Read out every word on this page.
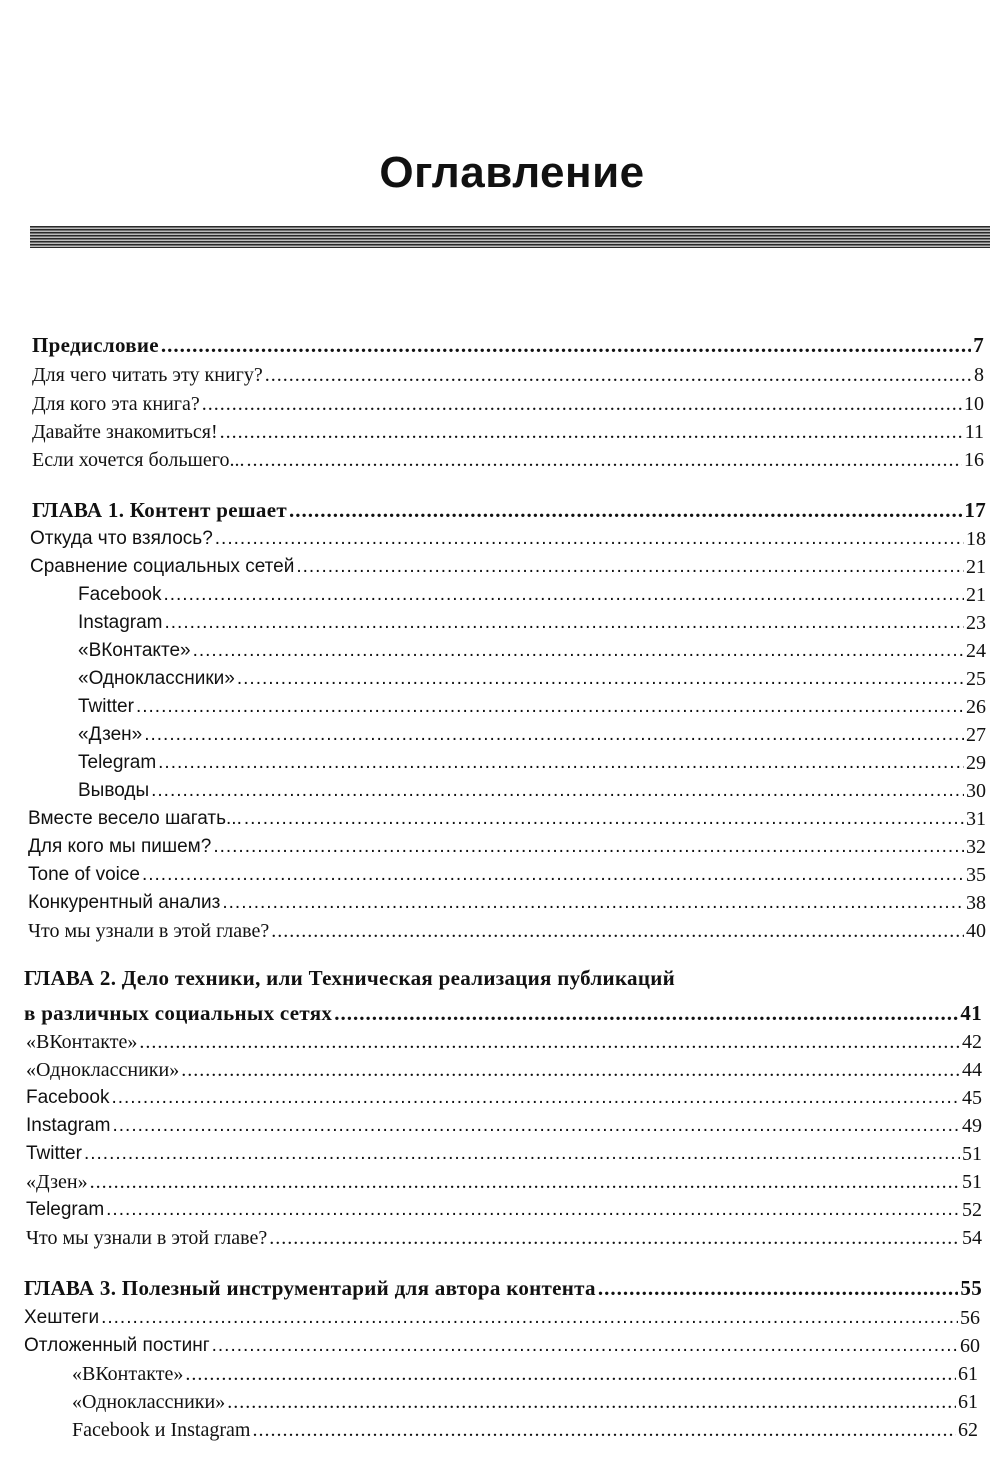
Оглавление
Предисловие .....	7
Для чего читать эту книгу? .....	8
Для кого эта книга? .....	10
Давайте знакомиться! .....	11
Если хочется большего... .....	16
ГЛАВА 1. Контент решает .....	17
Откуда что взялось? .....	18
Сравнение социальных сетей .....	21
Facebook .....	21
Instagram .....	23
«ВКонтакте» .....	24
«Одноклассники» .....	25
Twitter .....	26
«Дзен» .....	27
Telegram .....	29
Выводы .....	30
Вместе весело шагать... .....	31
Для кого мы пишем? .....	32
Tone of voice .....	35
Конкурентный анализ .....	38
Что мы узнали в этой главе? .....	40
ГЛАВА 2. Дело техники, или Техническая реализация публикаций
в различных социальных сетях .....	41
«ВКонтакте» .....	42
«Одноклассники» .....	44
Facebook .....	45
Instagram .....	49
Twitter .....	51
«Дзен» .....	51
Telegram .....	52
Что мы узнали в этой главе? .....	54
ГЛАВА 3. Полезный инструментарий для автора контента .....	55
Хештеги .....	56
Отложенный постинг .....	60
«ВКонтакте» .....	61
«Одноклассники» .....	61
Facebook и Instagram .....	62
